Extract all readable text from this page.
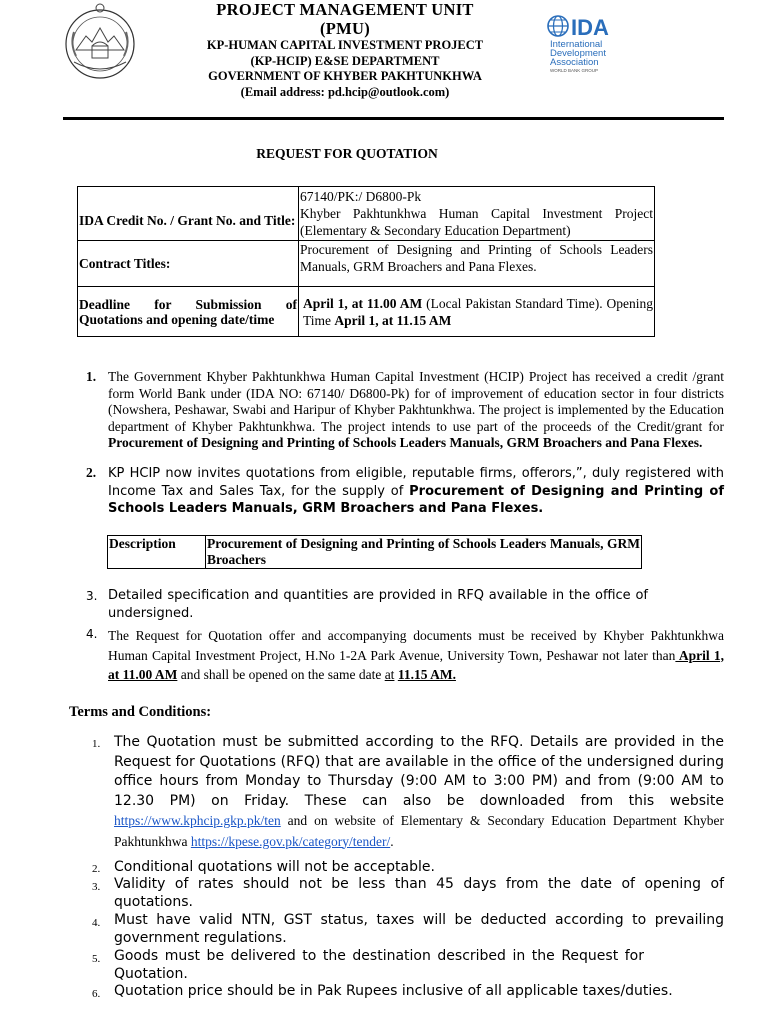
PROJECT MANAGEMENT UNIT
(PMU)
KP-HUMAN CAPITAL INVESTMENT PROJECT
(KP-HCIP) E&SE DEPARTMENT
GOVERNMENT OF KHYBER PAKHTUNKHWA
(Email address: pd.hcip@outlook.com)
IDA
International
Development
Association
WORLD BANK GROUP
REQUEST FOR QUOTATION
IDA Credit No. / Grant No. and Title:	67140/PK:/ D6800-Pk
Khyber Pakhtunkhwa Human Capital Investment Project (Elementary & Secondary Education Department)

Contract Titles:	Procurement of Designing and Printing of Schools Leaders Manuals, GRM Broachers and Pana Flexes.
Deadline for Submission of Quotations and opening date/time	April 1, at 11.00 AM (Local Pakistan Standard Time). Opening Time April 1, at 11.15 AM
1. The Government Khyber Pakhtunkhwa Human Capital Investment (HCIP) Project has received a credit /grant form World Bank under (IDA NO: 67140/ D6800-Pk) for of improvement of education sector in four districts (Nowshera, Peshawar, Swabi and Haripur of Khyber Pakhtunkhwa. The project is implemented by the Education department of Khyber Pakhtunkhwa. The project intends to use part of the proceeds of the Credit/grant for Procurement of Designing and Printing of Schools Leaders Manuals, GRM Broachers and Pana Flexes.
2. KP HCIP now invites quotations from eligible, reputable firms, offerors,”, duly registered with Income Tax and Sales Tax, for the supply of Procurement of Designing and Printing of Schools Leaders Manuals, GRM Broachers and Pana Flexes.
Description	Procurement of Designing and Printing of Schools Leaders Manuals, GRM Broachers
3. Detailed specification and quantities are provided in RFQ available in the office of undersigned.
4. The Request for Quotation offer and accompanying documents must be received by Khyber Pakhtunkhwa Human Capital Investment Project, H.No 1-2A Park Avenue, University Town, Peshawar not later than April 1, at 11.00 AM and shall be opened on the same date at 11.15 AM.
Terms and Conditions:
1. The Quotation must be submitted according to the RFQ. Details are provided in the Request for Quotations (RFQ) that are available in the office of the undersigned during office hours from Monday to Thursday (9:00 AM to 3:00 PM) and from (9:00 AM to 12.30 PM) on Friday. These can also be downloaded from this website https://www.kphcip.gkp.pk/ten and on website of Elementary & Secondary Education Department Khyber Pakhtunkhwa https://kpese.gov.pk/category/tender/.
2. Conditional quotations will not be acceptable.
3. Validity of rates should not be less than 45 days from the date of opening of quotations.
4. Must have valid NTN, GST status, taxes will be deducted according to prevailing government regulations.
5. Goods must be delivered to the destination described in the Request for Quotation.
6. Quotation price should be in Pak Rupees inclusive of all applicable taxes/duties.
